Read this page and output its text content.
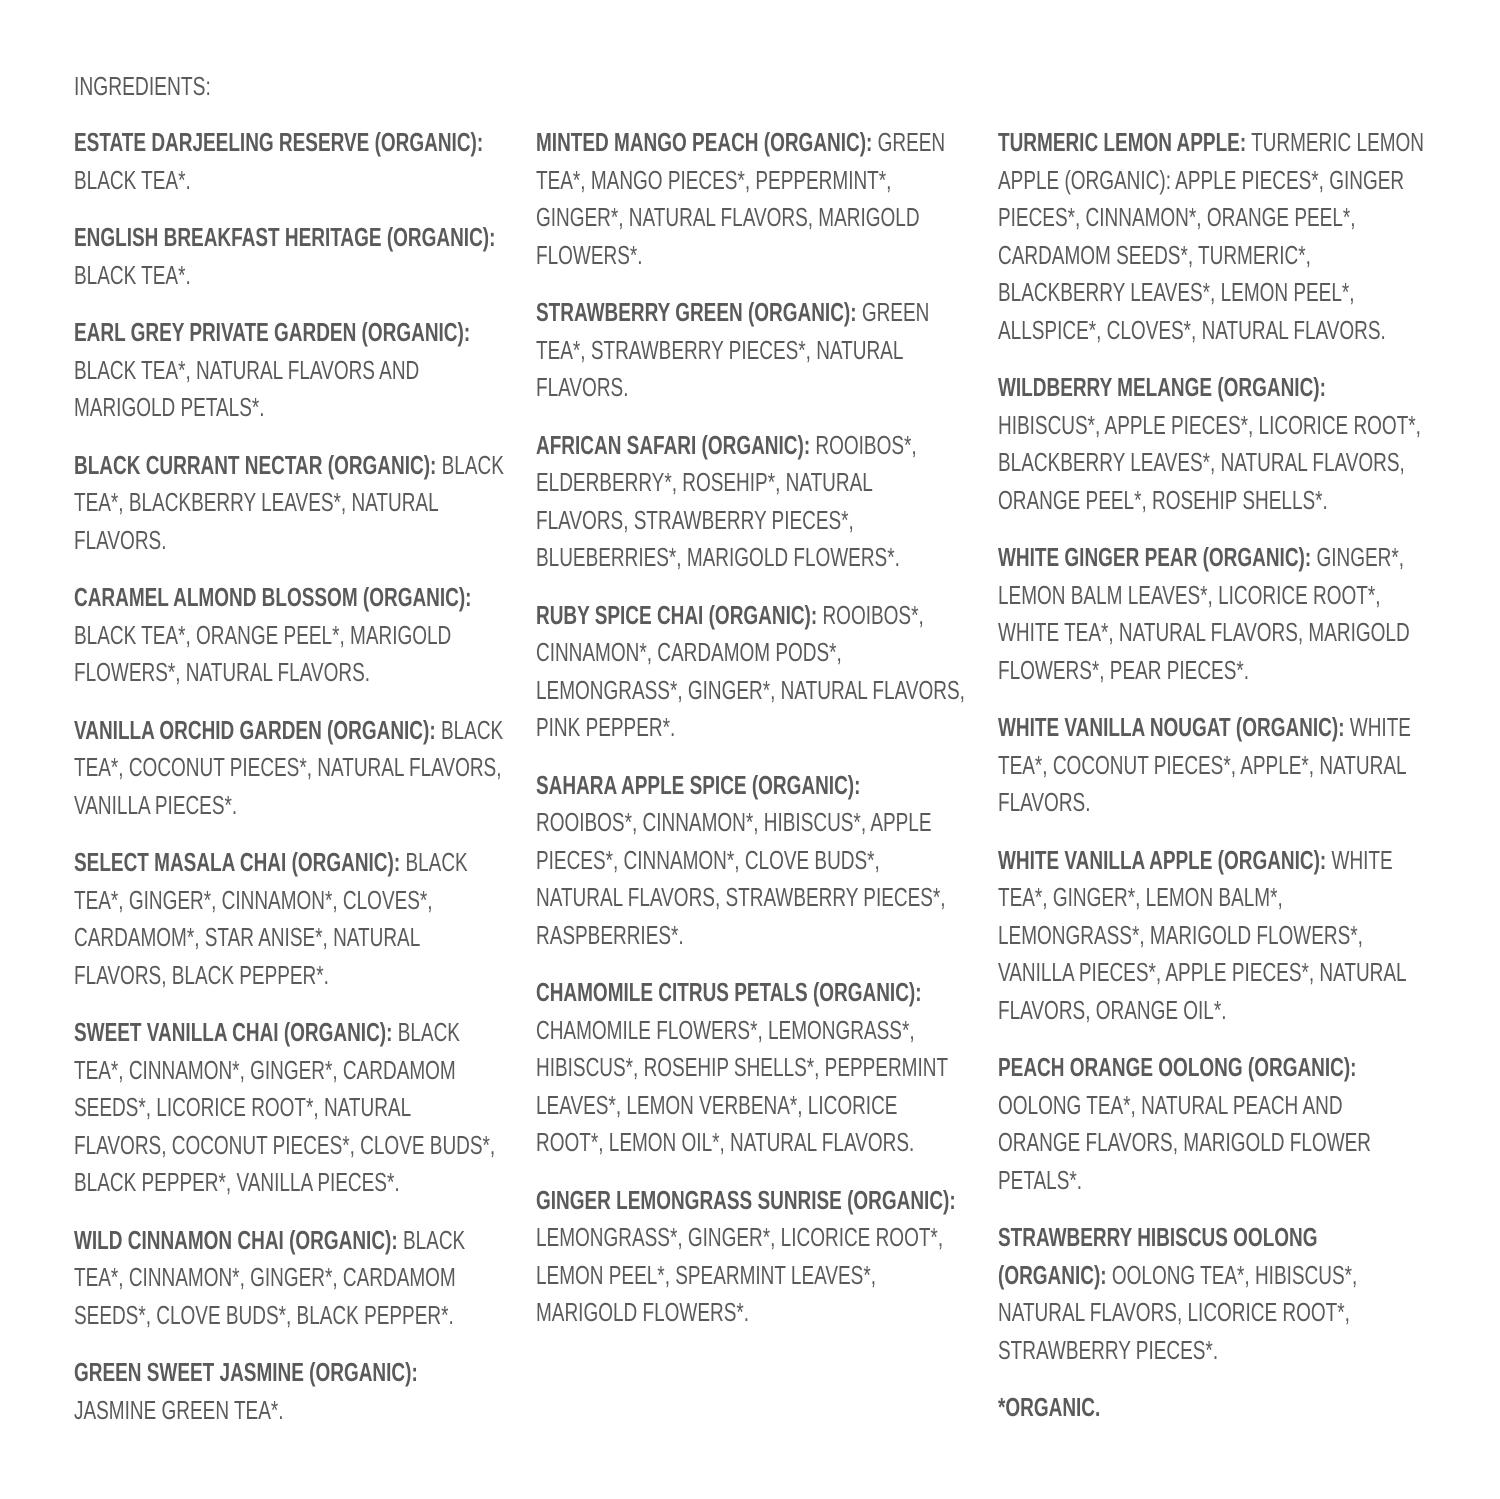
INGREDIENTS:
ESTATE DARJEELING RESERVE (ORGANIC): BLACK TEA*.
ENGLISH BREAKFAST HERITAGE (ORGANIC): BLACK TEA*.
EARL GREY PRIVATE GARDEN (ORGANIC): BLACK TEA*, NATURAL FLAVORS AND MARIGOLD PETALS*.
BLACK CURRANT NECTAR (ORGANIC): BLACK TEA*, BLACKBERRY LEAVES*, NATURAL FLAVORS.
CARAMEL ALMOND BLOSSOM (ORGANIC): BLACK TEA*, ORANGE PEEL*, MARIGOLD FLOWERS*, NATURAL FLAVORS.
VANILLA ORCHID GARDEN (ORGANIC): BLACK TEA*, COCONUT PIECES*, NATURAL FLAVORS, VANILLA PIECES*.
SELECT MASALA CHAI (ORGANIC): BLACK TEA*, GINGER*, CINNAMON*, CLOVES*, CARDAMOM*, STAR ANISE*, NATURAL FLAVORS, BLACK PEPPER*.
SWEET VANILLA CHAI (ORGANIC): BLACK TEA*, CINNAMON*, GINGER*, CARDAMOM SEEDS*, LICORICE ROOT*, NATURAL FLAVORS, COCONUT PIECES*, CLOVE BUDS*, BLACK PEPPER*, VANILLA PIECES*.
WILD CINNAMON CHAI (ORGANIC): BLACK TEA*, CINNAMON*, GINGER*, CARDAMOM SEEDS*, CLOVE BUDS*, BLACK PEPPER*.
GREEN SWEET JASMINE (ORGANIC): JASMINE GREEN TEA*.
MINTED MANGO PEACH (ORGANIC): GREEN TEA*, MANGO PIECES*, PEPPERMINT*, GINGER*, NATURAL FLAVORS, MARIGOLD FLOWERS*.
STRAWBERRY GREEN (ORGANIC): GREEN TEA*, STRAWBERRY PIECES*, NATURAL FLAVORS.
AFRICAN SAFARI (ORGANIC): ROOIBOS*, ELDERBERRY*, ROSEHIP*, NATURAL FLAVORS, STRAWBERRY PIECES*, BLUEBERRIES*, MARIGOLD FLOWERS*.
RUBY SPICE CHAI (ORGANIC): ROOIBOS*, CINNAMON*, CARDAMOM PODS*, LEMONGRASS*, GINGER*, NATURAL FLAVORS, PINK PEPPER*.
SAHARA APPLE SPICE (ORGANIC): ROOIBOS*, CINNAMON*, HIBISCUS*, APPLE PIECES*, CINNAMON*, CLOVE BUDS*, NATURAL FLAVORS, STRAWBERRY PIECES*, RASPBERRIES*.
CHAMOMILE CITRUS PETALS (ORGANIC): CHAMOMILE FLOWERS*, LEMONGRASS*, HIBISCUS*, ROSEHIP SHELLS*, PEPPERMINT LEAVES*, LEMON VERBENA*, LICORICE ROOT*, LEMON OIL*, NATURAL FLAVORS.
GINGER LEMONGRASS SUNRISE (ORGANIC): LEMONGRASS*, GINGER*, LICORICE ROOT*, LEMON PEEL*, SPEARMINT LEAVES*, MARIGOLD FLOWERS*.
TURMERIC LEMON APPLE: TURMERIC LEMON APPLE (ORGANIC): APPLE PIECES*, GINGER PIECES*, CINNAMON*, ORANGE PEEL*, CARDAMOM SEEDS*, TURMERIC*, BLACKBERRY LEAVES*, LEMON PEEL*, ALLSPICE*, CLOVES*, NATURAL FLAVORS.
WILDBERRY MELANGE (ORGANIC): HIBISCUS*, APPLE PIECES*, LICORICE ROOT*, BLACKBERRY LEAVES*, NATURAL FLAVORS, ORANGE PEEL*, ROSEHIP SHELLS*.
WHITE GINGER PEAR (ORGANIC): GINGER*, LEMON BALM LEAVES*, LICORICE ROOT*, WHITE TEA*, NATURAL FLAVORS, MARIGOLD FLOWERS*, PEAR PIECES*.
WHITE VANILLA NOUGAT (ORGANIC): WHITE TEA*, COCONUT PIECES*, APPLE*, NATURAL FLAVORS.
WHITE VANILLA APPLE (ORGANIC): WHITE TEA*, GINGER*, LEMON BALM*, LEMONGRASS*, MARIGOLD FLOWERS*, VANILLA PIECES*, APPLE PIECES*, NATURAL FLAVORS, ORANGE OIL*.
PEACH ORANGE OOLONG (ORGANIC): OOLONG TEA*, NATURAL PEACH AND ORANGE FLAVORS, MARIGOLD FLOWER PETALS*.
STRAWBERRY HIBISCUS OOLONG (ORGANIC): OOLONG TEA*, HIBISCUS*, NATURAL FLAVORS, LICORICE ROOT*, STRAWBERRY PIECES*.
*ORGANIC.
